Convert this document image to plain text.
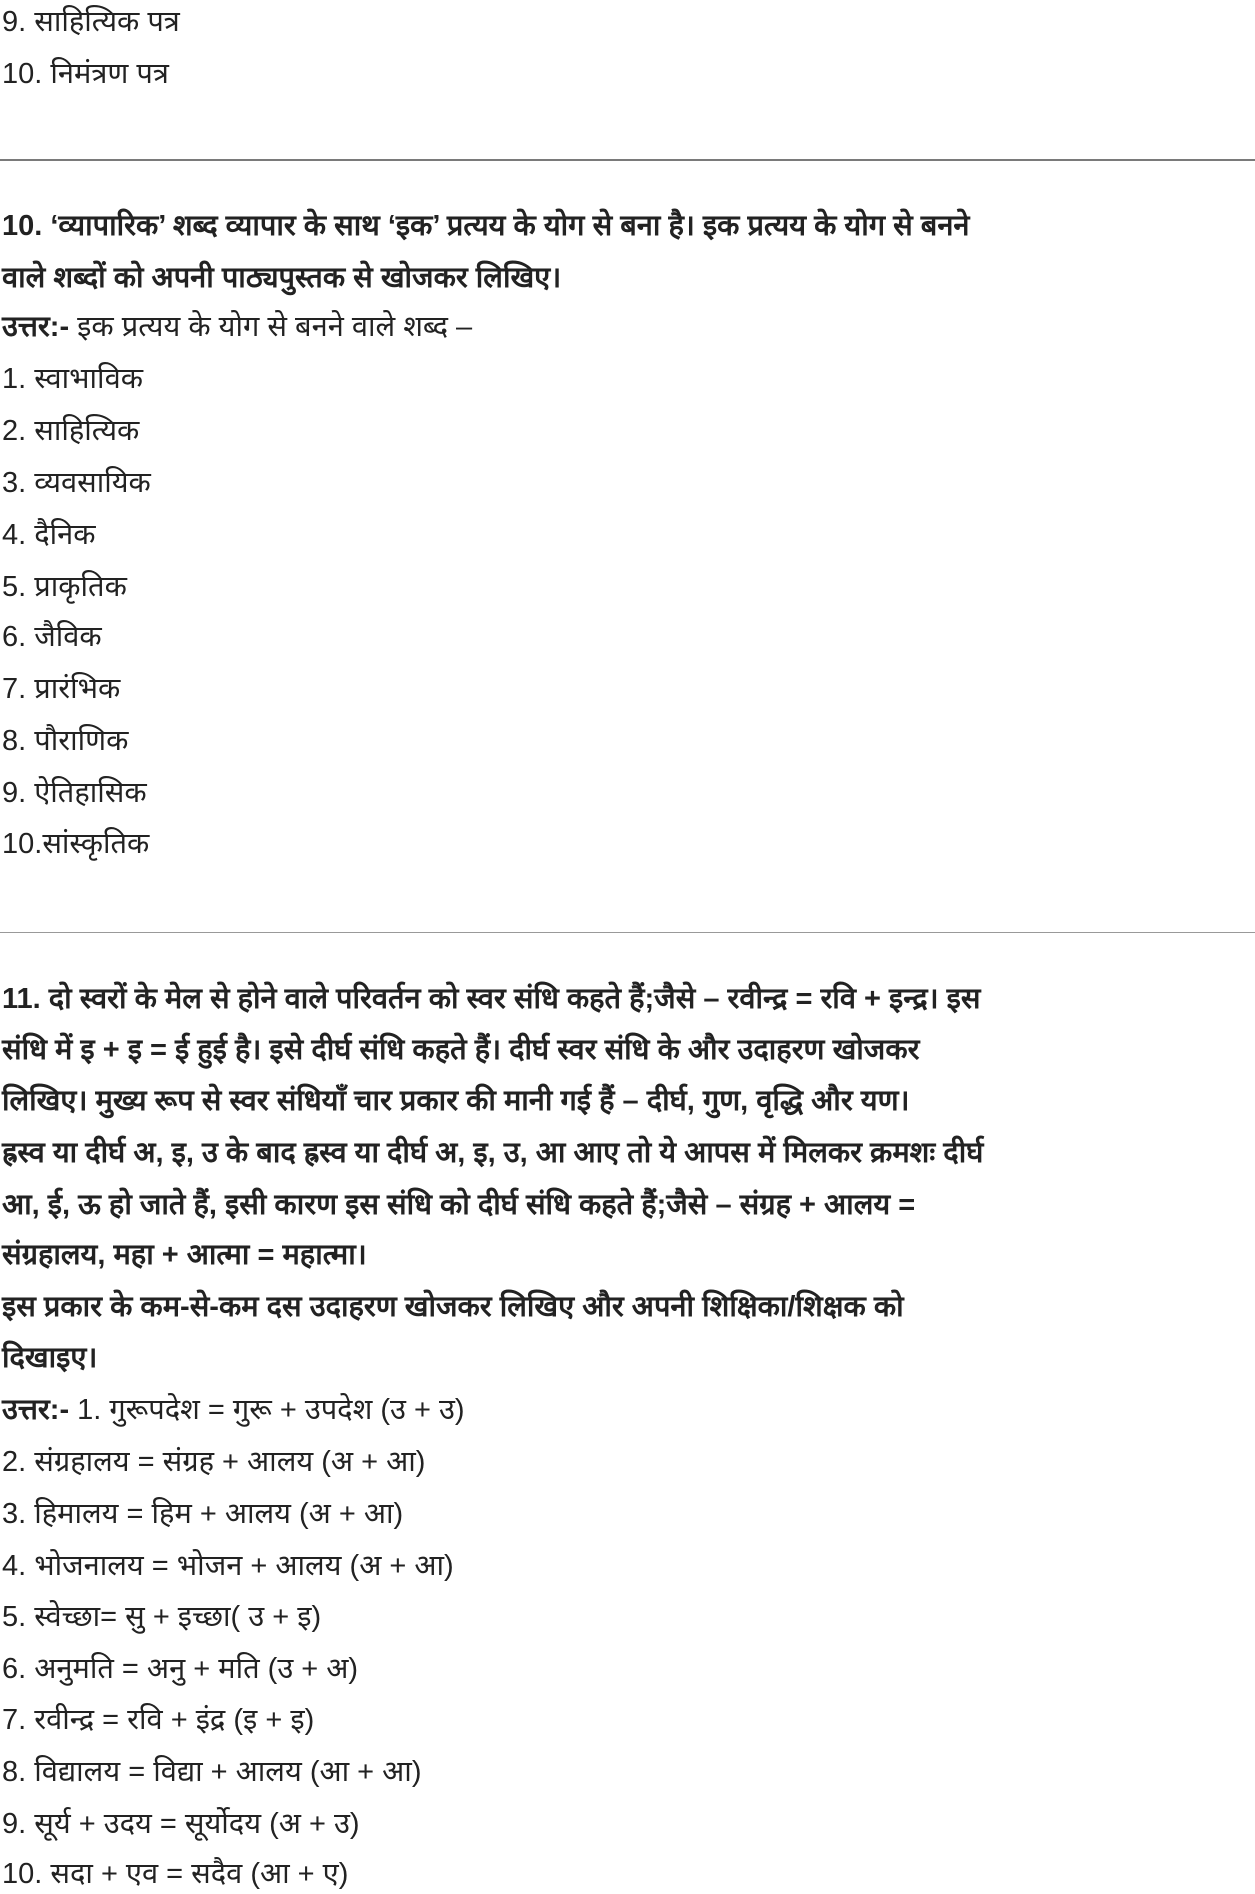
9. साहित्यिक पत्र
10. निमंत्रण पत्र
10. ‘व्यापारिक’ शब्द व्यापार के साथ ‘इक’ प्रत्यय के योग से बना है। इक प्रत्यय के योग से बनने
वाले शब्दों को अपनी पाठ्यपुस्तक से खोजकर लिखिए।
उत्तर:- इक प्रत्यय के योग से बनने वाले शब्द –
1. स्वाभाविक
2. साहित्यिक
3. व्यवसायिक
4. दैनिक
5. प्राकृतिक
6. जैविक
7. प्रारंभिक
8. पौराणिक
9. ऐतिहासिक
10.सांस्कृतिक
11. दो स्वरों के मेल से होने वाले परिवर्तन को स्वर संधि कहते हैं;जैसे – रवीन्द्र = रवि + इन्द्र। इस
संधि में इ + इ = ई हुई है। इसे दीर्घ संधि कहते हैं। दीर्घ स्वर संधि के और उदाहरण खोजकर
लिखिए। मुख्य रूप से स्वर संधियाँ चार प्रकार की मानी गई हैं – दीर्घ, गुण, वृद्धि और यण।
ह्रस्व या दीर्घ अ, इ, उ के बाद ह्रस्व या दीर्घ अ, इ, उ, आ आए तो ये आपस में मिलकर क्रमशः दीर्घ
आ, ई, ऊ हो जाते हैं, इसी कारण इस संधि को दीर्घ संधि कहते हैं;जैसे – संग्रह + आलय =
संग्रहालय, महा + आत्मा = महात्मा।
इस प्रकार के कम-से-कम दस उदाहरण खोजकर लिखिए और अपनी शिक्षिका/शिक्षक को
दिखाइए।
उत्तर:- 1. गुरूपदेश = गुरू + उपदेश (उ + उ)
2. संग्रहालय = संग्रह + आलय (अ + आ)
3. हिमालय = हिम + आलय (अ + आ)
4. भोजनालय = भोजन + आलय (अ + आ)
5. स्वेच्छा= सु + इच्छा( उ + इ)
6. अनुमति = अनु + मति (उ + अ)
7. रवीन्द्र = रवि + इंद्र (इ + इ)
8. विद्यालय = विद्या + आलय (आ + आ)
9. सूर्य + उदय = सूर्योदय (अ + उ)
10. सदा + एव = सदैव (आ + ए)
